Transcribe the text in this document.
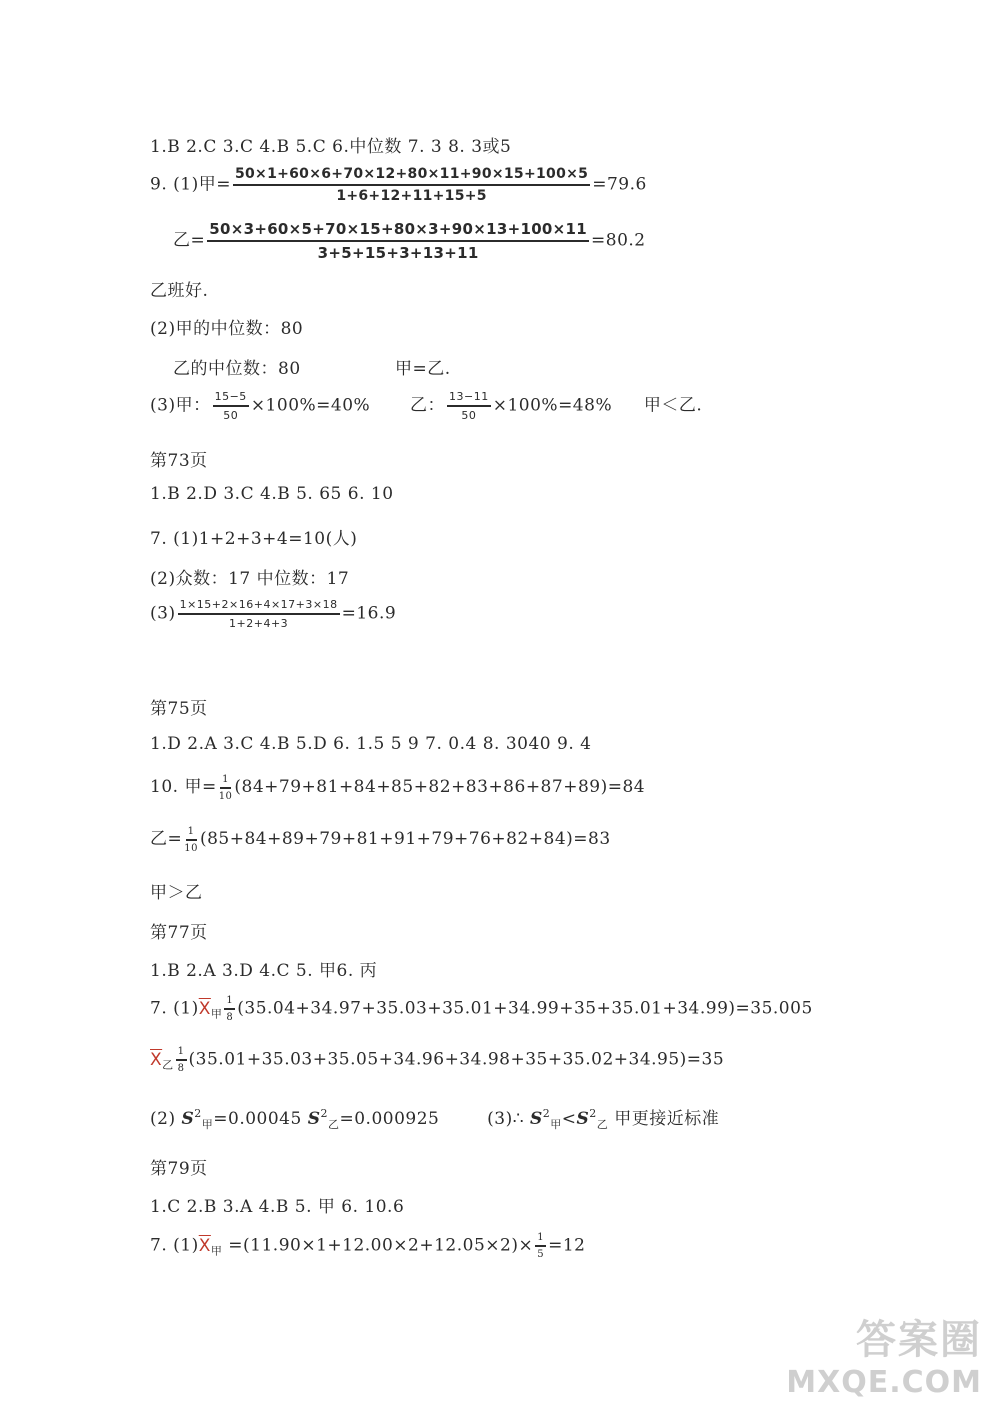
1.B 2.C 3.C 4.B 5.C 6.中位数 7. 3 8. 3或5
9. (1)甲= $\frac{50\times 1+60\times 6+70\times 12+80\times 11+90\times 15+100\times 5}{1+6+12+11+15+5} =79.6$
乙= $\frac{50\times 3+60\times 5+70\times 15+80\times 3+90\times 13+100\times 11}{3+5+15+3+13+11} =80.2$
乙班好.
(2)甲的中位数：80
乙的中位数：80	甲=乙.
(3)甲： $\frac{15-5}{50} \times 100\%=40\%$ 乙： $\frac{13-11}{50} \times 100\%=48\%$ 甲＜乙.
第73页
1.B 2.D 3.C 4.B 5. 65 6. 10
7. (1)1+2+3+4=10(人)
(2)众数：17 中位数：17
$(3) \frac{1\times 15+2\times 16+4\times 17+3\times 18}{1+2+4+3} =16.9$
第75页
1.D 2.A 3.C 4.B 5.D 6. 1.5 5 9 7. 0.4 8. 3040 9. 4
10. 甲= $\frac{1}{10} (84+79+81+84+85+82+83+86+87+89)=84$
乙= $\frac{1}{10} (85+84+89+79+81+91+79+76+82+84)=83$
甲＞乙
第77页
1.B 2.A 3.D 4.C 5. 甲6. 丙
7. $(1)\overline{X}_甲 \frac{1}{8} (35.04+34.97+35.03+35.01+34.99+35+35.01+34.99)=35.005$
$\overline{X}_乙 \frac{1}{8} (35.01+35.03+35.05+34.96+34.98+35+35.02+34.95)=35$
(2) $S^2_甲=0.00045$ $S^2_乙=0.000925$	(3)∴ $S^2_甲<S^2_乙$ 甲更接近标准
第79页
1.C 2.B 3.A 4.B 5. 甲 6. 10.6
7. $(1)\overline{X}_甲 =(11.90\times 1+12.00\times 2+12.05\times 2)\times \frac{1}{5} =12$
答案圈
MXQE.COM
